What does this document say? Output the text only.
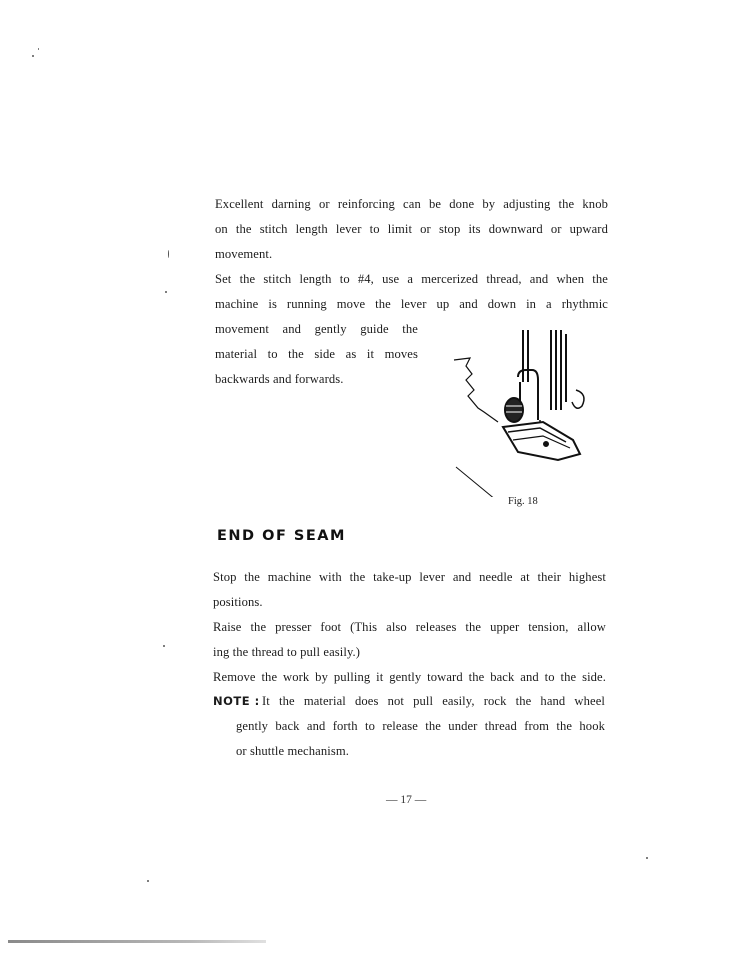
Excellent darning or reinforcing can be done by adjusting the knob
on the stitch length lever to limit or stop its downward or upward
movement.
Set the stitch length to #4, use a mercerized thread, and when the
machine is running move the lever up and down in a rhythmic
movement and gently guide the
material to the side as it moves
backwards and forwards.
Fig. 18
END OF SEAM
Stop the machine with the take-up lever and needle at their highest
positions.
Raise the presser foot (This also releases the upper tension, allow
ing the thread to pull easily.)
Remove the work by pulling it gently toward the back and to the side.
NOTE : It the material does not pull easily, rock the hand wheel
gently back and forth to release the under thread from the hook
or shuttle mechanism.
— 17 —
